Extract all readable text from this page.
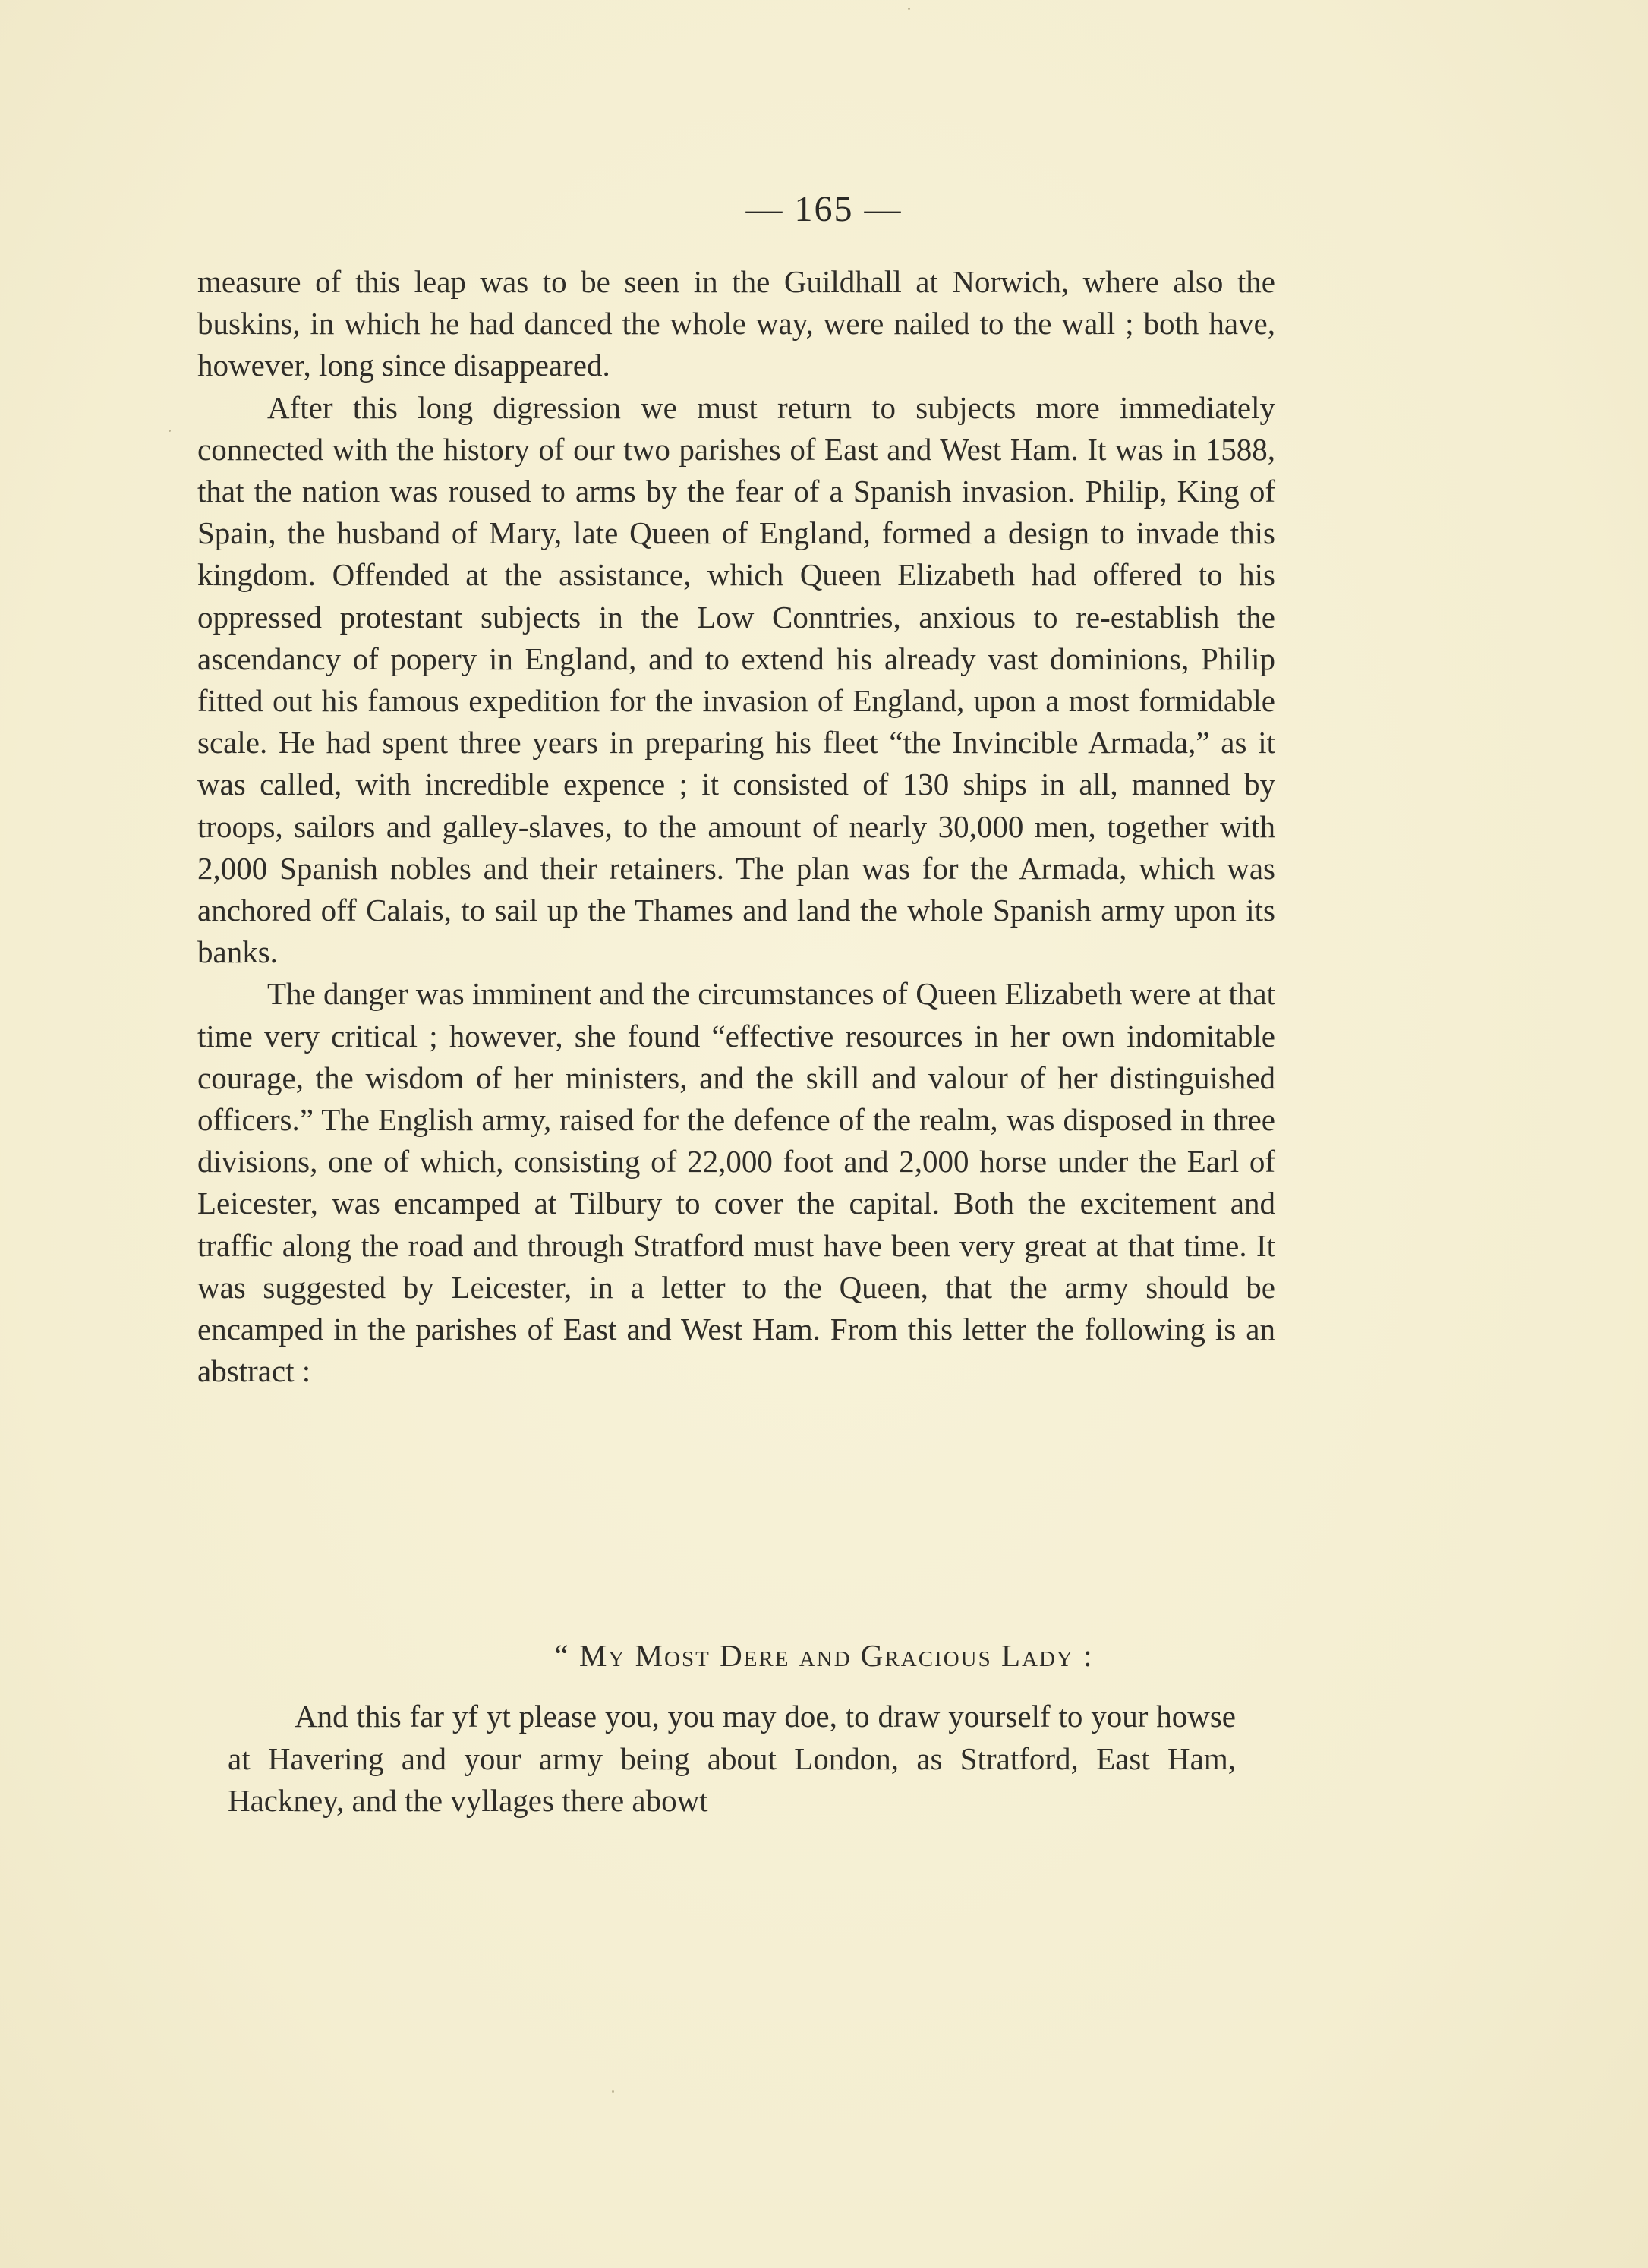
— 165 —

measure of this leap was to be seen in the Guildhall at Norwich, where also the buskins, in which he had danced the whole way, were nailed to the wall ; both have, however, long since disappeared.

After this long digression we must return to subjects more immediately connected with the history of our two parishes of East and West Ham. It was in 1588, that the nation was roused to arms by the fear of a Spanish invasion. Philip, King of Spain, the husband of Mary, late Queen of England, formed a design to invade this kingdom. Offended at the assistance, which Queen Elizabeth had offered to his oppressed protestant subjects in the Low Conntries, anxious to re-establish the ascendancy of popery in England, and to extend his already vast dominions, Philip fitted out his famous expedition for the invasion of England, upon a most formidable scale. He had spent three years in preparing his fleet “the Invincible Armada,” as it was called, with incredible expence ; it consisted of 130 ships in all, manned by troops, sailors and galley-slaves, to the amount of nearly 30,000 men, together with 2,000 Spanish nobles and their retainers. The plan was for the Armada, which was anchored off Calais, to sail up the Thames and land the whole Spanish army upon its banks.

The danger was imminent and the circumstances of Queen Elizabeth were at that time very critical ; however, she found “effective resources in her own indomitable courage, the wisdom of her ministers, and the skill and valour of her distinguished officers.” The English army, raised for the defence of the realm, was disposed in three divisions, one of which, consisting of 22,000 foot and 2,000 horse under the Earl of Leicester, was encamped at Tilbury to cover the capital. Both the excitement and traffic along the road and through Stratford must have been very great at that time. It was suggested by Leicester, in a letter to the Queen, that the army should be encamped in the parishes of East and West Ham. From this letter the following is an abstract :

“ My Most Dere and Gracious Lady :

And this far yf yt please you, you may doe, to draw yourself to your howse at Havering and your army being about London, as Stratford, East Ham, Hackney, and the vyllages there abowt
